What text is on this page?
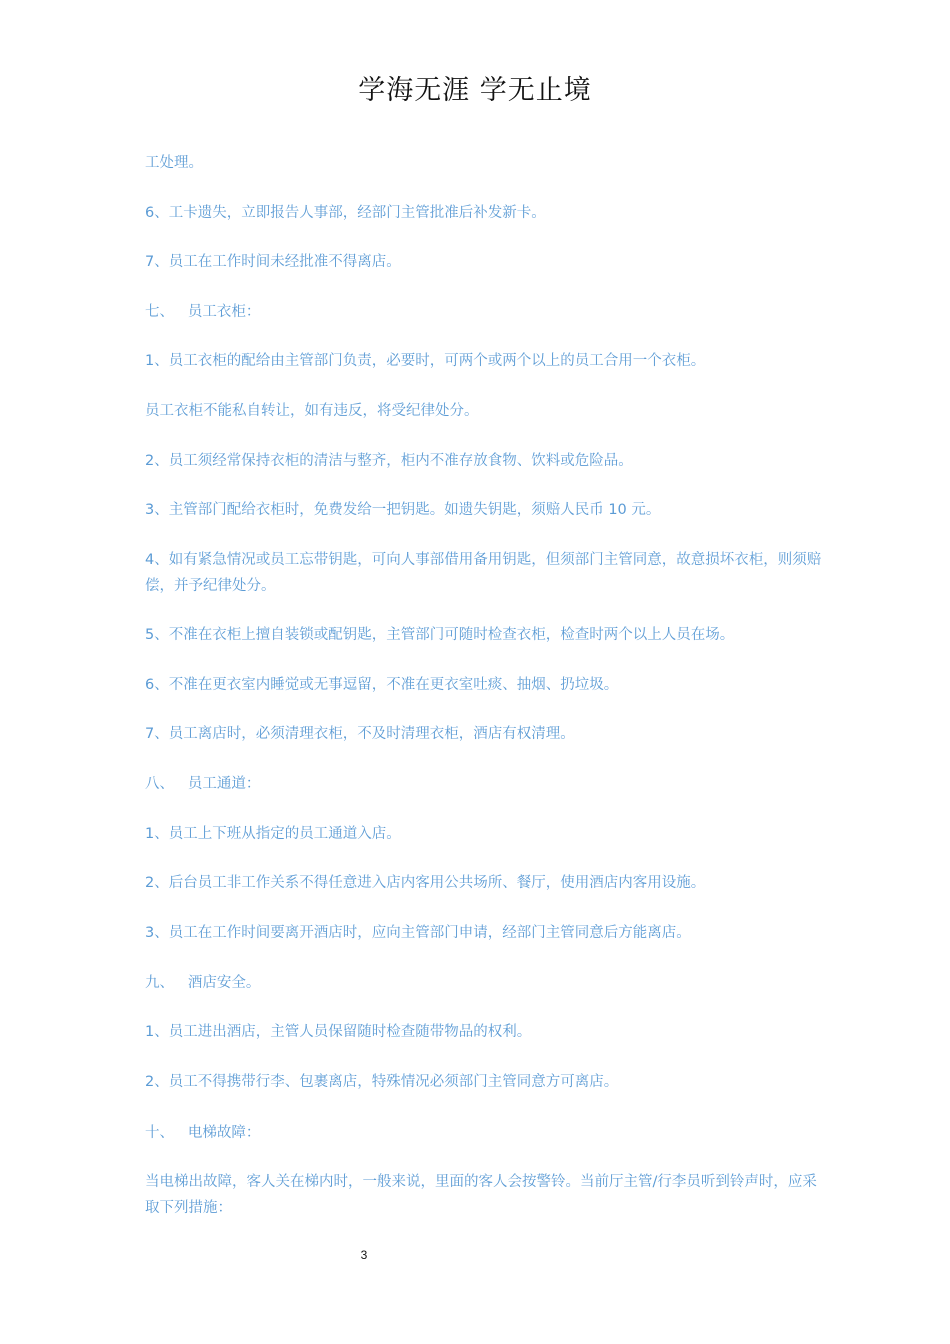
学海无涯 学无止境
工处理。
6、工卡遗失，立即报告人事部，经部门主管批准后补发新卡。
7、员工在工作时间未经批准不得离店。
七、   员工衣柜：
1、员工衣柜的配给由主管部门负责，必要时，可两个或两个以上的员工合用一个衣柜。
员工衣柜不能私自转让，如有违反，将受纪律处分。
2、员工须经常保持衣柜的清洁与整齐，柜内不准存放食物、饮料或危险品。
3、主管部门配给衣柜时，免费发给一把钥匙。如遗失钥匙，须赔人民币 10 元。
4、如有紧急情况或员工忘带钥匙，可向人事部借用备用钥匙，但须部门主管同意，故意损坏衣柜，则须赔偿，并予纪律处分。
5、不准在衣柜上擅自装锁或配钥匙，主管部门可随时检查衣柜，检查时两个以上人员在场。
6、不准在更衣室内睡觉或无事逗留，不准在更衣室吐痰、抽烟、扔垃圾。
7、员工离店时，必须清理衣柜，不及时清理衣柜，酒店有权清理。
八、   员工通道：
1、员工上下班从指定的员工通道入店。
2、后台员工非工作关系不得任意进入店内客用公共场所、餐厅，使用酒店内客用设施。
3、员工在工作时间要离开酒店时，应向主管部门申请，经部门主管同意后方能离店。
九、   酒店安全。
1、员工进出酒店，主管人员保留随时检查随带物品的权利。
2、员工不得携带行李、包裹离店，特殊情况必须部门主管同意方可离店。
十、   电梯故障：
当电梯出故障，客人关在梯内时，一般来说，里面的客人会按警铃。当前厅主管/行李员听到铃声时，应采取下列措施：
3
